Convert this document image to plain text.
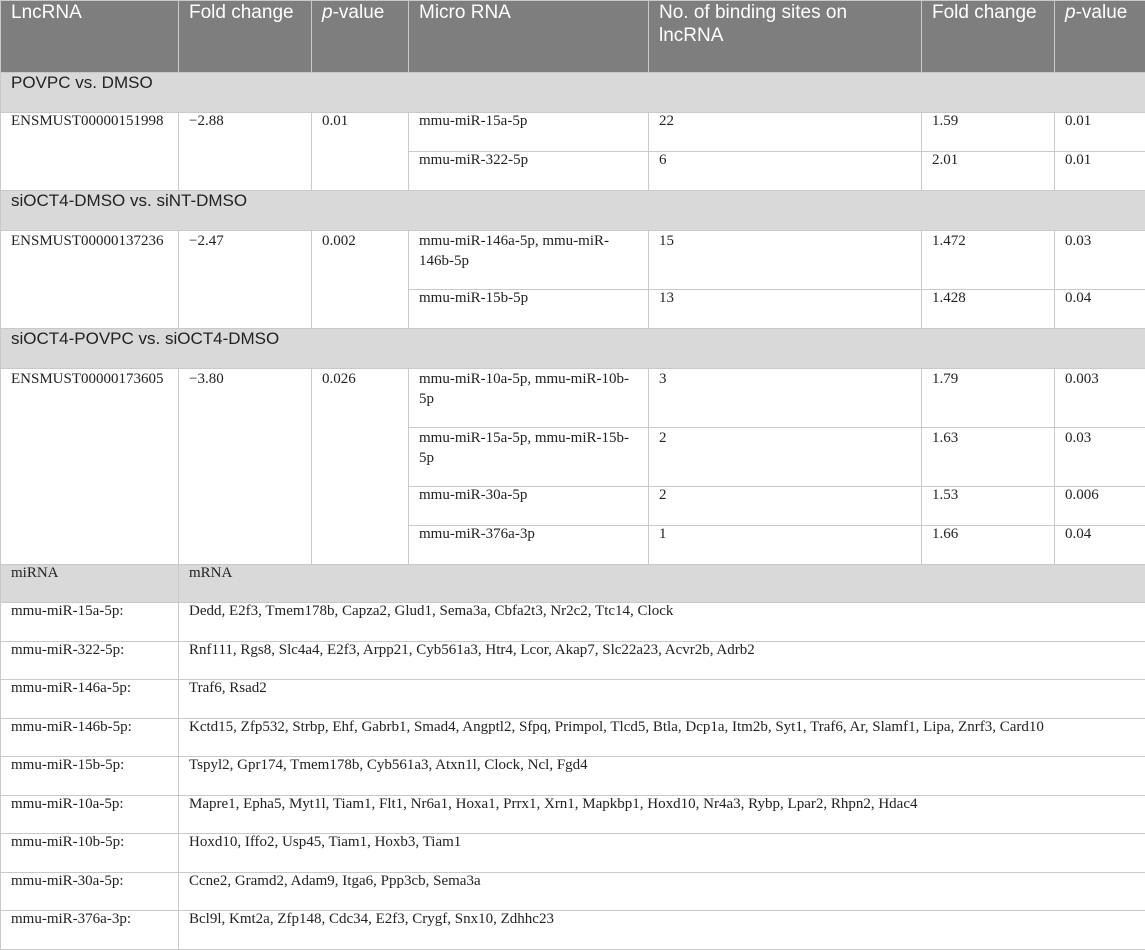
LncRNA	Fold change	p-value	Micro RNA	No. of binding sites on lncRNA	Fold change	p-value
POVPC vs. DMSO						
ENSMUST00000151998	−2.88	0.01	mmu-miR-15a-5p	22	1.59	0.01
			mmu-miR-322-5p	6	2.01	0.01
siOCT4-DMSO vs. siNT-DMSO						
ENSMUST00000137236	−2.47	0.002	mmu-miR-146a-5p, mmu-miR-146b-5p	15	1.472	0.03
			mmu-miR-15b-5p	13	1.428	0.04
siOCT4-POVPC vs. siOCT4-DMSO						
ENSMUST00000173605	−3.80	0.026	mmu-miR-10a-5p, mmu-miR-10b-5p	3	1.79	0.003
			mmu-miR-15a-5p, mmu-miR-15b-5p	2	1.63	0.03
			mmu-miR-30a-5p	2	1.53	0.006
			mmu-miR-376a-3p	1	1.66	0.04
miRNA	mRNA					
mmu-miR-15a-5p:	Dedd, E2f3, Tmem178b, Capza2, Glud1, Sema3a, Cbfa2t3, Nr2c2, Ttc14, Clock					
mmu-miR-322-5p:	Rnf111, Rgs8, Slc4a4, E2f3, Arpp21, Cyb561a3, Htr4, Lcor, Akap7, Slc22a23, Acvr2b, Adrb2					
mmu-miR-146a-5p:	Traf6, Rsad2					
mmu-miR-146b-5p:	Kctd15, Zfp532, Strbp, Ehf, Gabrb1, Smad4, Angptl2, Sfpq, Primpol, Tlcd5, Btla, Dcp1a, Itm2b, Syt1, Traf6, Ar, Slamf1, Lipa, Znrf3, Card10					
mmu-miR-15b-5p:	Tspyl2, Gpr174, Tmem178b, Cyb561a3, Atxn1l, Clock, Ncl, Fgd4					
mmu-miR-10a-5p:	Mapre1, Epha5, Myt1l, Tiam1, Flt1, Nr6a1, Hoxa1, Prrx1, Xrn1, Mapkbp1, Hoxd10, Nr4a3, Rybp, Lpar2, Rhpn2, Hdac4					
mmu-miR-10b-5p:	Hoxd10, Iffo2, Usp45, Tiam1, Hoxb3, Tiam1					
mmu-miR-30a-5p:	Ccne2, Gramd2, Adam9, Itga6, Ppp3cb, Sema3a					
mmu-miR-376a-3p:	Bcl9l, Kmt2a, Zfp148, Cdc34, E2f3, Crygf, Snx10, Zdhhc23					
